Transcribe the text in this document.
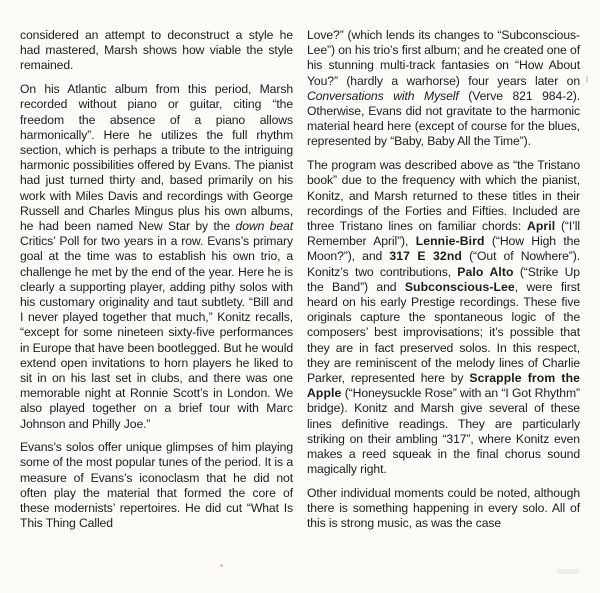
considered an attempt to deconstruct a style he had mastered, Marsh shows how viable the style remained.

On his Atlantic album from this period, Marsh recorded without piano or guitar, citing “the freedom the absence of a piano allows harmonically”. Here he utilizes the full rhythm section, which is perhaps a tribute to the intriguing harmonic possibilities offered by Evans. The pianist had just turned thirty and, based primarily on his work with Miles Davis and recordings with George Russell and Charles Mingus plus his own albums, he had been named New Star by the down beat Critics’ Poll for two years in a row. Evans’s primary goal at the time was to establish his own trio, a challenge he met by the end of the year. Here he is clearly a supporting player, adding pithy solos with his customary originality and taut subtlety. “Bill and I never played together that much,” Konitz recalls, “except for some nineteen sixty-five performances in Europe that have been bootlegged. But he would extend open invitations to horn players he liked to sit in on his last set in clubs, and there was one memorable night at Ronnie Scott’s in London. We also played together on a brief tour with Marc Johnson and Philly Joe.”

Evans’s solos offer unique glimpses of him playing some of the most popular tunes of the period. It is a measure of Evans’s iconoclasm that he did not often play the material that formed the core of these modernists’ repertoires. He did cut “What Is This Thing Called

Love?” (which lends its changes to “Subconscious-Lee”) on his trio’s first album; and he created one of his stunning multi-track fantasies on “How About You?” (hardly a warhorse) four years later on Conversations with Myself (Verve 821 984-2). Otherwise, Evans did not gravitate to the harmonic material heard here (except of course for the blues, represented by “Baby, Baby All the Time”).

The program was described above as “the Tristano book” due to the frequency with which the pianist, Konitz, and Marsh returned to these titles in their recordings of the Forties and Fifties. Included are three Tristano lines on familiar chords: April (“I’ll Remember April”), Lennie-Bird (“How High the Moon?”), and 317 E 32nd (“Out of Nowhere”). Konitz’s two contributions, Palo Alto (“Strike Up the Band”) and Subconscious-Lee, were first heard on his early Prestige recordings. These five originals capture the spontaneous logic of the composers’ best improvisations; it’s possible that they are in fact preserved solos. In this respect, they are reminiscent of the melody lines of Charlie Parker, represented here by Scrapple from the Apple (“Honeysuckle Rose” with an “I Got Rhythm” bridge). Konitz and Marsh give several of these lines definitive readings. They are particularly striking on their ambling “317”, where Konitz even makes a reed squeak in the final chorus sound magically right.

Other individual moments could be noted, although there is something happening in every solo. All of this is strong music, as was the case
